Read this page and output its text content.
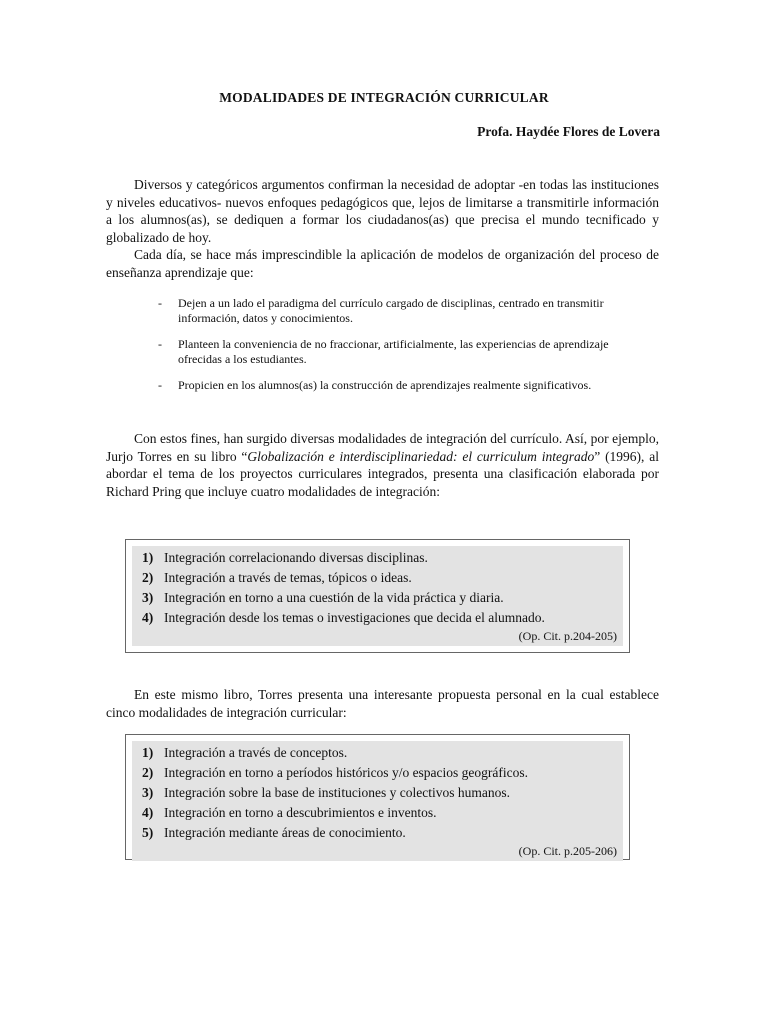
MODALIDADES DE INTEGRACIÓN CURRICULAR
Profa. Haydée Flores de Lovera

Diversos y categóricos argumentos confirman la necesidad de adoptar -en todas las instituciones y niveles educativos- nuevos enfoques pedagógicos que, lejos de limitarse a transmitirle información a los alumnos(as), se dediquen a formar los ciudadanos(as) que precisa el mundo tecnificado y globalizado de hoy.

Cada día, se hace más imprescindible la aplicación de modelos de organización del proceso de enseñanza aprendizaje que:

- Dejen a un lado el paradigma del currículo cargado de disciplinas, centrado en transmitir información, datos y conocimientos.
- Planteen la conveniencia de no fraccionar, artificialmente, las experiencias de aprendizaje ofrecidas a los estudiantes.
- Propicien en los alumnos(as) la construcción de aprendizajes realmente significativos.
Con estos fines, han surgido diversas modalidades de integración del currículo. Así, por ejemplo, Jurjo Torres en su libro “Globalización e interdisciplinariedad: el curriculum integrado” (1996), al abordar el tema de los proyectos curriculares integrados, presenta una clasificación elaborada por Richard Pring que incluye cuatro modalidades de integración:
1) Integración correlacionando diversas disciplinas.
2) Integración a través de temas, tópicos o ideas.
3) Integración en torno a una cuestión de la vida práctica y diaria.
4) Integración desde los temas o investigaciones que decida el alumnado.
(Op. Cit. p.204-205)
En este mismo libro, Torres presenta una interesante propuesta personal en la cual establece cinco modalidades de integración curricular:
1) Integración a través de conceptos.
2) Integración en torno a períodos históricos y/o espacios geográficos.
3) Integración sobre la base de instituciones y colectivos humanos.
4) Integración en torno a descubrimientos e inventos.
5) Integración mediante áreas de conocimiento.
(Op. Cit. p.205-206)
